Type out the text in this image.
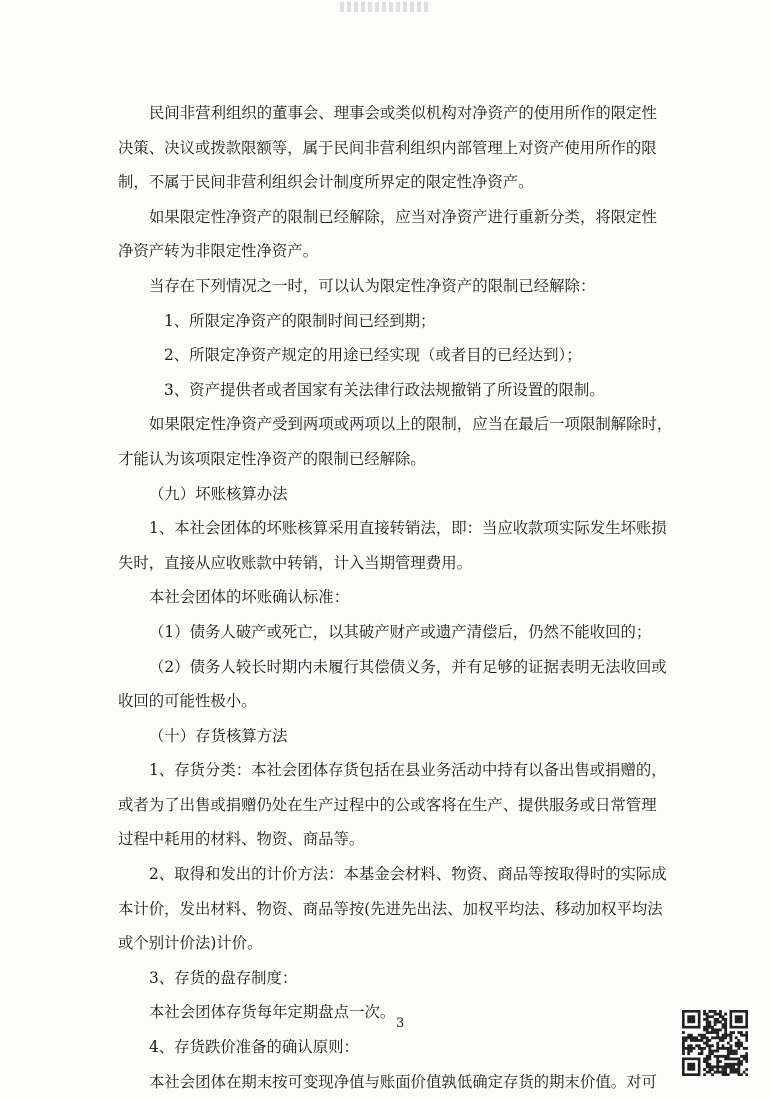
民间非营利组织的董事会、理事会或类似机构对净资产的使用所作的限定性

决策、决议或拨款限额等，属于民间非营利组织内部管理上对资产使用所作的限

制，不属于民间非营利组织会计制度所界定的限定性净资产。

如果限定性净资产的限制已经解除，应当对净资产进行重新分类，将限定性

净资产转为非限定性净资产。

当存在下列情况之一时，可以认为限定性净资产的限制已经解除：

1、所限定净资产的限制时间已经到期；

2、所限定净资产规定的用途已经实现（或者目的已经达到）；

3、资产提供者或者国家有关法律行政法规撤销了所设置的限制。

如果限定性净资产受到两项或两项以上的限制，应当在最后一项限制解除时，

才能认为该项限定性净资产的限制已经解除。

（九）坏账核算办法

1、本社会团体的坏账核算采用直接转销法，即：当应收款项实际发生坏账损

失时，直接从应收账款中转销，计入当期管理费用。

本社会团体的坏账确认标准：

（1）债务人破产或死亡，以其破产财产或遗产清偿后，仍然不能收回的；

（2）债务人较长时期内未履行其偿债义务，并有足够的证据表明无法收回或

收回的可能性极小。

（十）存货核算方法

1、存货分类：本社会团体存货包括在县业务活动中持有以备出售或捐赠的，

或者为了出售或捐赠仍处在生产过程中的公或客将在生产、提供服务或日常管理

过程中耗用的材料、物资、商品等。

2、取得和发出的计价方法：本基金会材料、物资、商品等按取得时的实际成

本计价，发出材料、物资、商品等按(先进先出法、加权平均法、移动加权平均法

或个别计价法)计价。

3、存货的盘存制度：

本社会团体存货每年定期盘点一次。

4、存货跌价准备的确认原则：

本社会团体在期末按可变现净值与账面价值孰低确定存货的期末价值。对可

3
